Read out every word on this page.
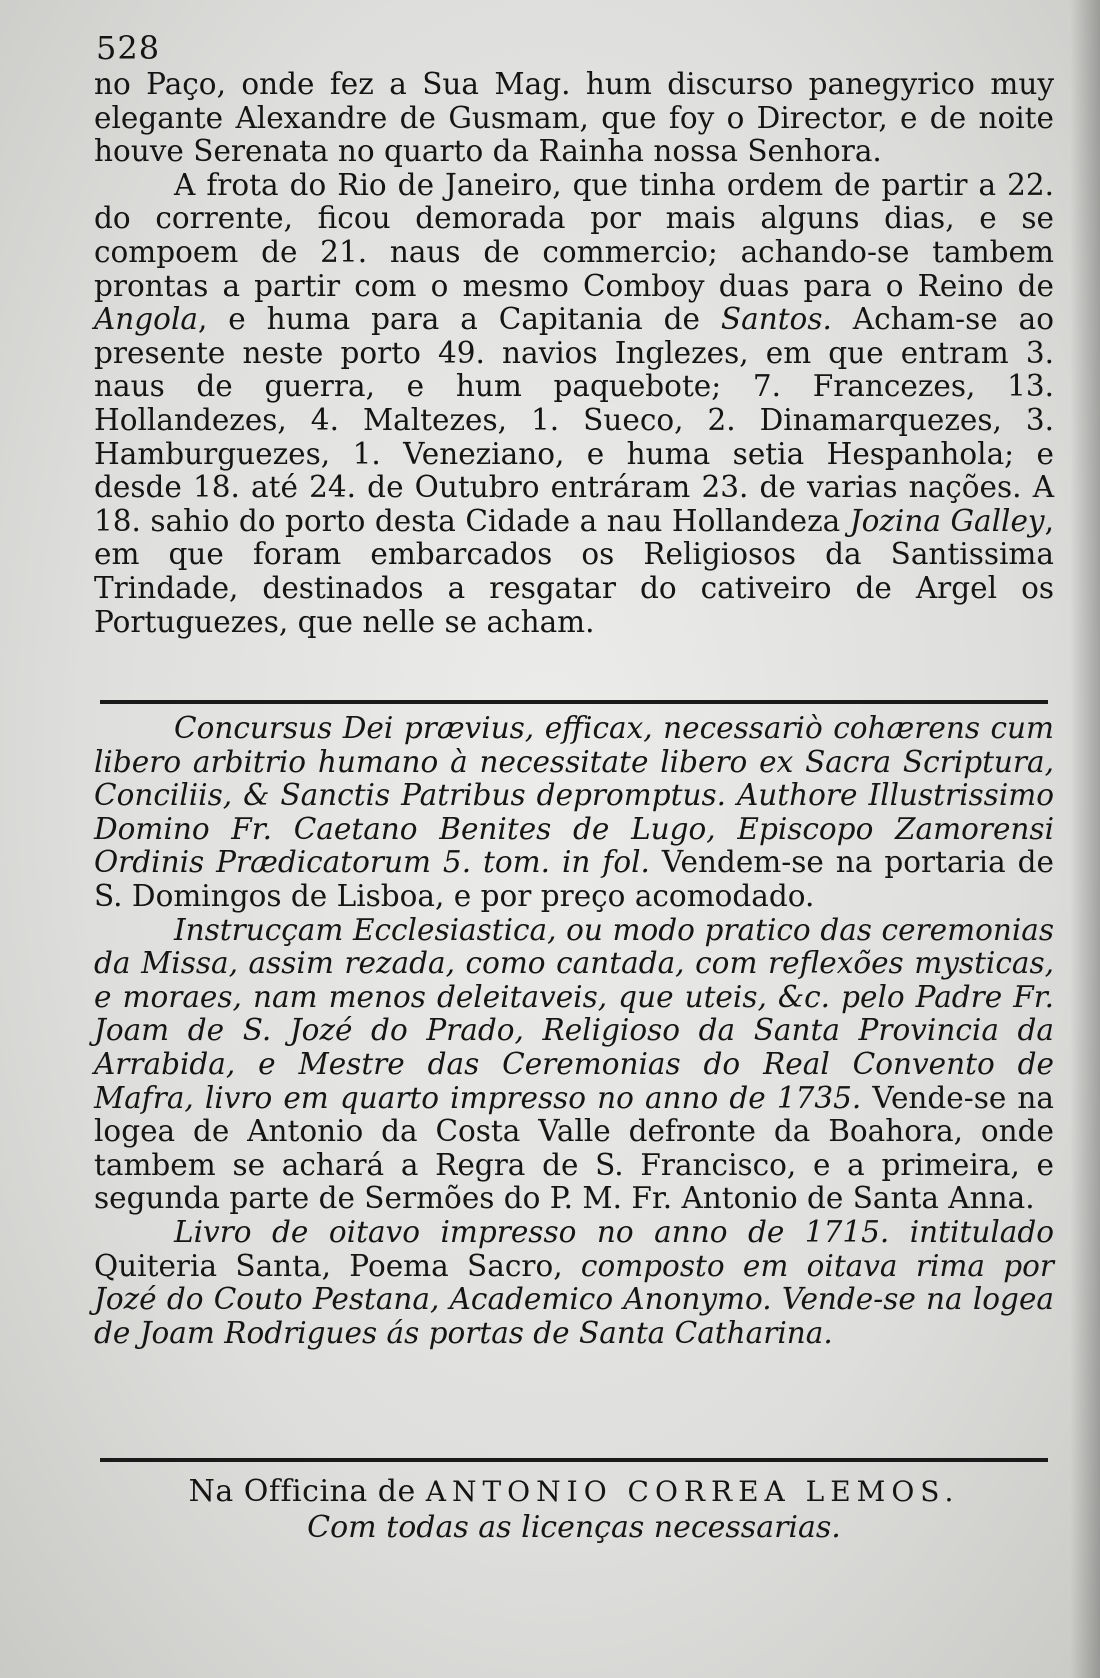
528

no Paço, onde fez a Sua Mag. hum discurso panegyrico muy elegante Alexandre de Gusmam, que foy o Director, e de noite houve Serenata no quarto da Rainha nossa Senhora.

A frota do Rio de Janeiro, que tinha ordem de partir a 22. do corrente, ficou demorada por mais alguns dias, e se compoem de 21. naus de commercio; achando-se tambem prontas a partir com o mesmo Comboy duas para o Reino de Angola, e huma para a Capitania de Santos. Acham-se ao presente neste porto 49. navios Inglezes, em que entram 3. naus de guerra, e hum paquebote; 7. Francezes, 13. Hollandezes, 4. Maltezes, 1. Sueco, 2. Dinamarquezes, 3. Hamburguezes, 1. Veneziano, e huma setia Hespanhola; e desde 18. até 24. de Outubro entráram 23. de varias nações. A 18. sahio do porto desta Cidade a nau Hollandeza Jozina Galley, em que foram embarcados os Religiosos da Santissima Trindade, destinados a resgatar do cativeiro de Argel os Portuguezes, que nelle se acham.

Concursus Dei prævius, efficax, necessariò cohærens cum libero arbitrio humano à necessitate libero ex Sacra Scriptura, Conciliis, & Sanctis Patribus depromptus. Authore Illustrissimo Domino Fr. Caetano Benites de Lugo, Episcopo Zamorensi Ordinis Prædicatorum 5. tom. in fol. Vendem-se na portaria de S. Domingos de Lisboa, e por preço acomodado.

Instrucçam Ecclesiastica, ou modo pratico das ceremonias da Missa, assim rezada, como cantada, com reflexões mysticas, e moraes, nam menos deleitaveis, que uteis, &c. pelo Padre Fr. Joam de S. Jozé do Prado, Religioso da Santa Provincia da Arrabida, e Mestre das Ceremonias do Real Convento de Mafra, livro em quarto impresso no anno de 1735. Vende-se na logea de Antonio da Costa Valle defronte da Boahora, onde tambem se achará a Regra de S. Francisco, e a primeira, e segunda parte de Sermões do P. M. Fr. Antonio de Santa Anna.

Livro de oitavo impresso no anno de 1715. intitulado Quiteria Santa, Poema Sacro, composto em oitava rima por Jozé do Couto Pestana, Academico Anonymo. Vende-se na logea de Joam Rodrigues ás portas de Santa Catharina.

Na Officina de ANTONIO CORREA LEMOS.
Com todas as licenças necessarias.
